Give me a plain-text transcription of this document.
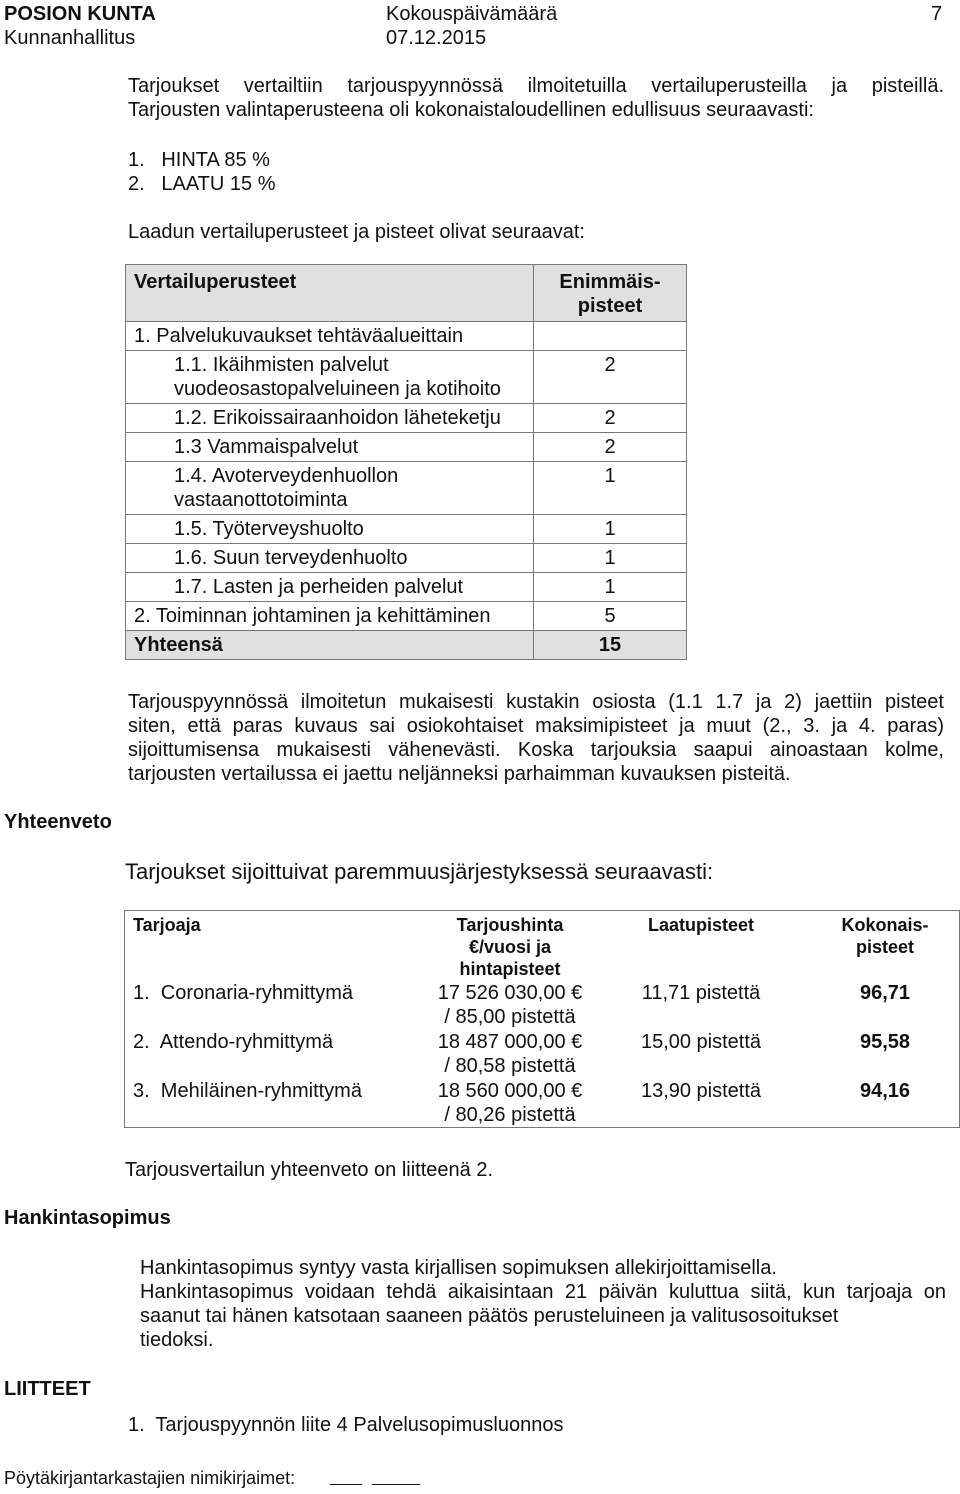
POSION KUNTA
Kunnanhallitus
Kokouspäivämäärä
07.12.2015
7
Tarjoukset vertailtiin tarjouspyynnössä ilmoitetuilla vertailuperusteilla ja pisteillä.
Tarjousten valintaperusteena oli kokonaistaloudellinen edullisuus seuraavasti:
1.   HINTA 85 %
2.   LAATU 15 %
Laadun vertailuperusteet ja pisteet olivat seuraavat:
Vertailuperusteet	Enimmäis-
pisteet
1. Palvelukuvaukset tehtäväalueittain	
1.1. Ikäihmisten palvelut
vuodeosastopalveluineen ja kotihoito	2
1.2. Erikoissairaanhoidon läheteketju	2
1.3 Vammaispalvelut	2
1.4. Avoterveydenhuollon
vastaanottotoiminta	1
1.5. Työterveyshuolto	1
1.6. Suun terveydenhuolto	1
1.7. Lasten ja perheiden palvelut	1
2. Toiminnan johtaminen ja kehittäminen	5
Yhteensä	15
Tarjouspyynnössä ilmoitetun mukaisesti kustakin osiosta (1.1 1.7 ja 2) jaettiin pisteet
siten, että paras kuvaus sai osiokohtaiset maksimipisteet ja muut (2., 3. ja 4. paras)
sijoittumisensa mukaisesti vähenevästi. Koska tarjouksia saapui ainoastaan kolme,
tarjousten vertailussa ei jaettu neljänneksi parhaimman kuvauksen pisteitä.
Yhteenveto
Tarjoukset sijoittuivat paremmuusjärjestyksessä seuraavasti:
Tarjoaja	Tarjoushinta
€/vuosi ja
hintapisteet	Laatupisteet	Kokonais-
pisteet
1.  Coronaria-ryhmittymä	17 526 030,00 €
/ 85,00 pistettä	11,71 pistettä	96,71
2.  Attendo-ryhmittymä	18 487 000,00 €
/ 80,58 pistettä	15,00 pistettä	95,58
3.  Mehiläinen-ryhmittymä	18 560 000,00 €
/ 80,26 pistettä	13,90 pistettä	94,16
Tarjousvertailun yhteenveto on liitteenä 2.
Hankintasopimus
Hankintasopimus syntyy vasta kirjallisen sopimuksen allekirjoittamisella.
Hankintasopimus voidaan tehdä aikaisintaan 21 päivän kuluttua siitä, kun tarjoaja on
saanut tai hänen katsotaan saaneen päätös perusteluineen ja valitusosoitukset
tiedoksi.
LIITTEET
1.  Tarjouspyynnön liite 4 Palvelusopimusluonnos
Pöytäkirjantarkastajien nimikirjaimet:
